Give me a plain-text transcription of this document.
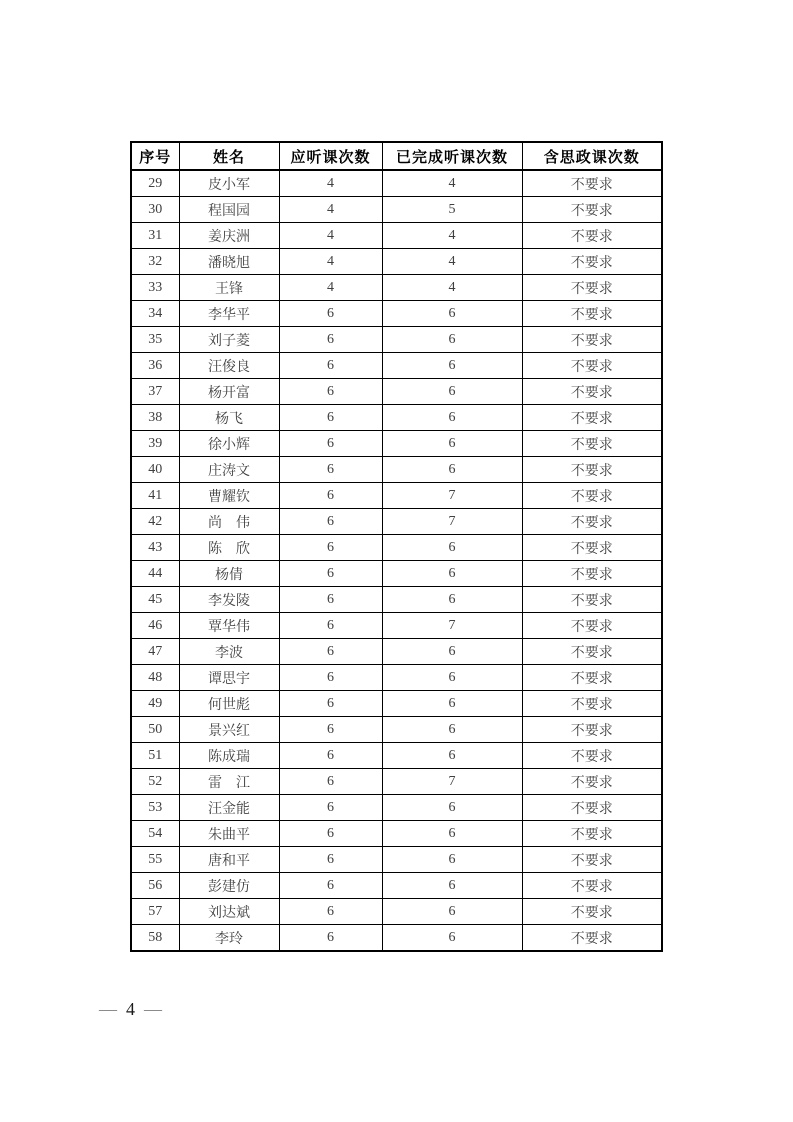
序号	姓名	应听课次数	已完成听课次数	含思政课次数
29	皮小军	4	4	不要求
30	程国园	4	5	不要求
31	姜庆洲	4	4	不要求
32	潘晓旭	4	4	不要求
33	王锋	4	4	不要求
34	李华平	6	6	不要求
35	刘子菱	6	6	不要求
36	汪俊良	6	6	不要求
37	杨开富	6	6	不要求
38	杨飞	6	6	不要求
39	徐小辉	6	6	不要求
40	庄涛文	6	6	不要求
41	曹耀钦	6	7	不要求
42	尚　伟	6	7	不要求
43	陈　欣	6	6	不要求
44	杨倩	6	6	不要求
45	李发陵	6	6	不要求
46	覃华伟	6	7	不要求
47	李波	6	6	不要求
48	谭思宇	6	6	不要求
49	何世彪	6	6	不要求
50	景兴红	6	6	不要求
51	陈成瑞	6	6	不要求
52	雷　江	6	7	不要求
53	汪金能	6	6	不要求
54	朱曲平	6	6	不要求
55	唐和平	6	6	不要求
56	彭建仿	6	6	不要求
57	刘达斌	6	6	不要求
58	李玲	6	6	不要求
— 4 —
